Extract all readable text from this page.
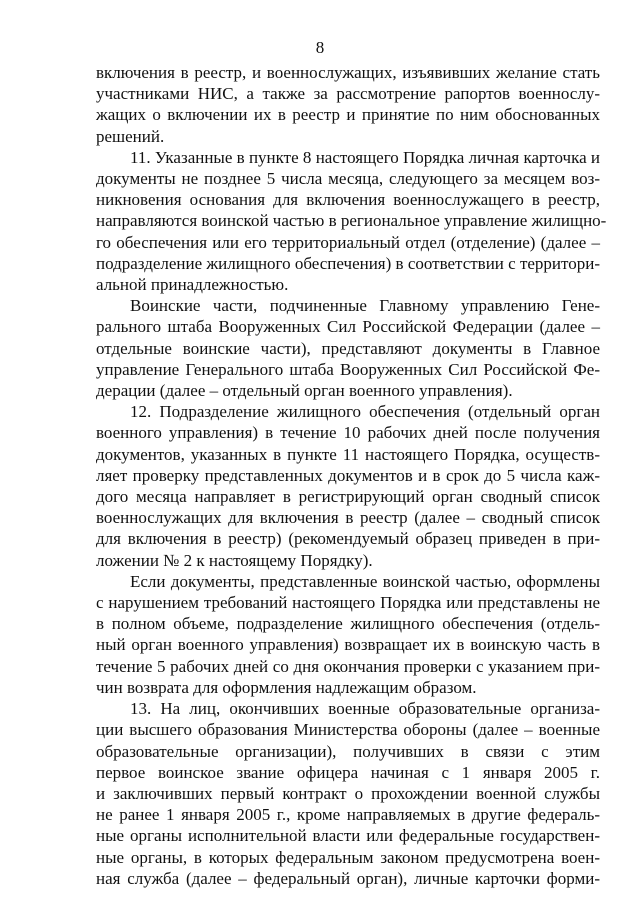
8
включения в реестр, и военнослужащих, изъявивших желание стать
участниками НИС, а также за рассмотрение рапортов военнослу-
жащих о включении их в реестр и принятие по ним обоснованных
решений.
11. Указанные в пункте 8 настоящего Порядка личная карточка и
документы не позднее 5 числа месяца, следующего за месяцем воз-
никновения основания для включения военнослужащего в реестр,
направляются воинской частью в региональное управление жилищно-
го обеспечения или его территориальный отдел (отделение) (далее –
подразделение жилищного обеспечения) в соответствии с территори-
альной принадлежностью.
Воинские части, подчиненные Главному управлению Гене-
рального штаба Вооруженных Сил Российской Федерации (далее –
отдельные воинские части), представляют документы в Главное
управление Генерального штаба Вооруженных Сил Российской Фе-
дерации (далее – отдельный орган военного управления).
12. Подразделение жилищного обеспечения (отдельный орган
военного управления) в течение 10 рабочих дней после получения
документов, указанных в пункте 11 настоящего Порядка, осуществ-
ляет проверку представленных документов и в срок до 5 числа каж-
дого месяца направляет в регистрирующий орган сводный список
военнослужащих для включения в реестр (далее – сводный список
для включения в реестр) (рекомендуемый образец приведен в при-
ложении № 2 к настоящему Порядку).
Если документы, представленные воинской частью, оформлены
с нарушением требований настоящего Порядка или представлены не
в полном объеме, подразделение жилищного обеспечения (отдель-
ный орган военного управления) возвращает их в воинскую часть в
течение 5 рабочих дней со дня окончания проверки с указанием при-
чин возврата для оформления надлежащим образом.
13. На лиц, окончивших военные образовательные организа-
ции высшего образования Министерства обороны (далее – военные
образовательные организации), получивших в связи с этим
первое воинское звание офицера начиная с 1 января 2005 г.
и заключивших первый контракт о прохождении военной службы
не ранее 1 января 2005 г., кроме направляемых в другие федераль-
ные органы исполнительной власти или федеральные государствен-
ные органы, в которых федеральным законом предусмотрена воен-
ная служба (далее – федеральный орган), личные карточки форми-
